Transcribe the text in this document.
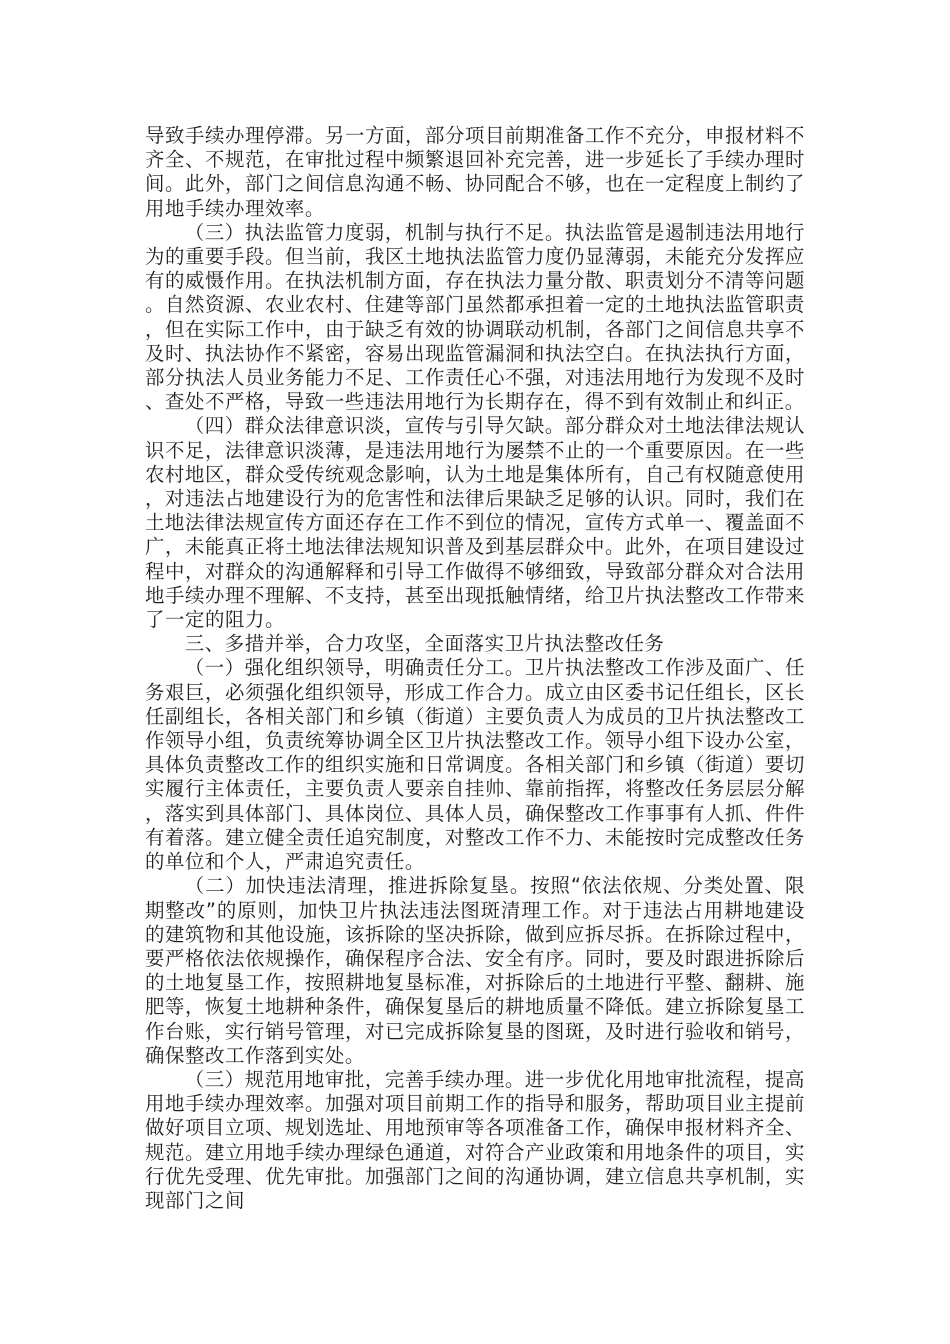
导致手续办理停滞。另一方面，部分项目前期准备工作不充分，申报材料不齐全、不规范，在审批过程中频繁退回补充完善，进一步延长了手续办理时间。此外，部门之间信息沟通不畅、协同配合不够，也在一定程度上制约了用地手续办理效率。

（三）执法监管力度弱，机制与执行不足。执法监管是遏制违法用地行为的重要手段。但当前，我区土地执法监管力度仍显薄弱，未能充分发挥应有的威慑作用。在执法机制方面，存在执法力量分散、职责划分不清等问题。自然资源、农业农村、住建等部门虽然都承担着一定的土地执法监管职责，但在实际工作中，由于缺乏有效的协调联动机制，各部门之间信息共享不及时、执法协作不紧密，容易出现监管漏洞和执法空白。在执法执行方面，部分执法人员业务能力不足、工作责任心不强，对违法用地行为发现不及时、查处不严格，导致一些违法用地行为长期存在，得不到有效制止和纠正。

（四）群众法律意识淡，宣传与引导欠缺。部分群众对土地法律法规认识不足，法律意识淡薄，是违法用地行为屡禁不止的一个重要原因。在一些农村地区，群众受传统观念影响，认为土地是集体所有，自己有权随意使用，对违法占地建设行为的危害性和法律后果缺乏足够的认识。同时，我们在土地法律法规宣传方面还存在工作不到位的情况，宣传方式单一、覆盖面不广，未能真正将土地法律法规知识普及到基层群众中。此外，在项目建设过程中，对群众的沟通解释和引导工作做得不够细致，导致部分群众对合法用地手续办理不理解、不支持，甚至出现抵触情绪，给卫片执法整改工作带来了一定的阻力。

三、多措并举，合力攻坚，全面落实卫片执法整改任务

（一）强化组织领导，明确责任分工。卫片执法整改工作涉及面广、任务艰巨，必须强化组织领导，形成工作合力。成立由区委书记任组长，区长任副组长，各相关部门和乡镇（街道）主要负责人为成员的卫片执法整改工作领导小组，负责统筹协调全区卫片执法整改工作。领导小组下设办公室，具体负责整改工作的组织实施和日常调度。各相关部门和乡镇（街道）要切实履行主体责任，主要负责人要亲自挂帅、靠前指挥，将整改任务层层分解，落实到具体部门、具体岗位、具体人员，确保整改工作事事有人抓、件件有着落。建立健全责任追究制度，对整改工作不力、未能按时完成整改任务的单位和个人，严肃追究责任。

（二）加快违法清理，推进拆除复垦。按照“依法依规、分类处置、限期整改”的原则，加快卫片执法违法图斑清理工作。对于违法占用耕地建设的建筑物和其他设施，该拆除的坚决拆除，做到应拆尽拆。在拆除过程中，要严格依法依规操作，确保程序合法、安全有序。同时，要及时跟进拆除后的土地复垦工作，按照耕地复垦标准，对拆除后的土地进行平整、翻耕、施肥等，恢复土地耕种条件，确保复垦后的耕地质量不降低。建立拆除复垦工作台账，实行销号管理，对已完成拆除复垦的图斑，及时进行验收和销号，确保整改工作落到实处。

（三）规范用地审批，完善手续办理。进一步优化用地审批流程，提高用地手续办理效率。加强对项目前期工作的指导和服务，帮助项目业主提前做好项目立项、规划选址、用地预审等各项准备工作，确保申报材料齐全、规范。建立用地手续办理绿色通道，对符合产业政策和用地条件的项目，实行优先受理、优先审批。加强部门之间的沟通协调，建立信息共享机制，实现部门之间
